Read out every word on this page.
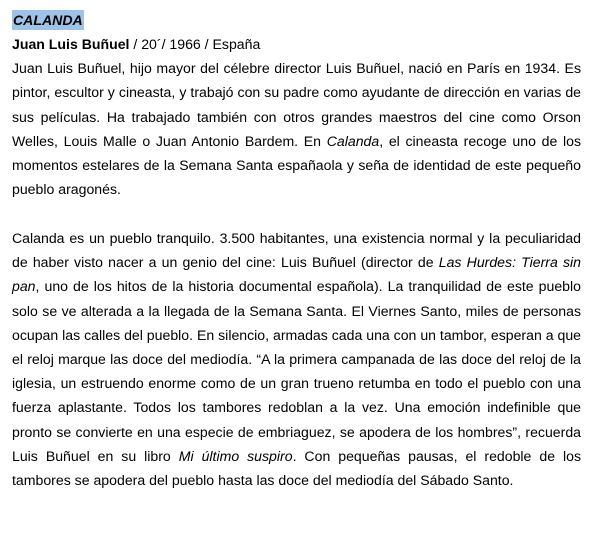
CALANDA
Juan Luis Buñuel / 20´/ 1966 / España

Juan Luis Buñuel, hijo mayor del célebre director Luis Buñuel, nació en París en 1934. Es pintor, escultor y cineasta, y trabajó con su padre como ayudante de dirección en varias de sus películas. Ha trabajado también con otros grandes maestros del cine como Orson Welles, Louis Malle o Juan Antonio Bardem. En Calanda, el cineasta recoge uno de los momentos estelares de la Semana Santa españaola y seña de identidad de este pequeño pueblo aragonés.

Calanda es un pueblo tranquilo. 3.500 habitantes, una existencia normal y la peculiaridad de haber visto nacer a un genio del cine: Luis Buñuel (director de Las Hurdes: Tierra sin pan, uno de los hitos de la historia documental española). La tranquilidad de este pueblo solo se ve alterada a la llegada de la Semana Santa. El Viernes Santo, miles de personas ocupan las calles del pueblo. En silencio, armadas cada una con un tambor, esperan a que el reloj marque las doce del mediodía. “A la primera campanada de las doce del reloj de la iglesia, un estruendo enorme como de un gran trueno retumba en todo el pueblo con una fuerza aplastante. Todos los tambores redoblan a la vez. Una emoción indefinible que pronto se convierte en una especie de embriaguez, se apodera de los hombres”, recuerda Luis Buñuel en su libro Mi último suspiro. Con pequeñas pausas, el redoble de los tambores se apodera del pueblo hasta las doce del mediodía del Sábado Santo.
